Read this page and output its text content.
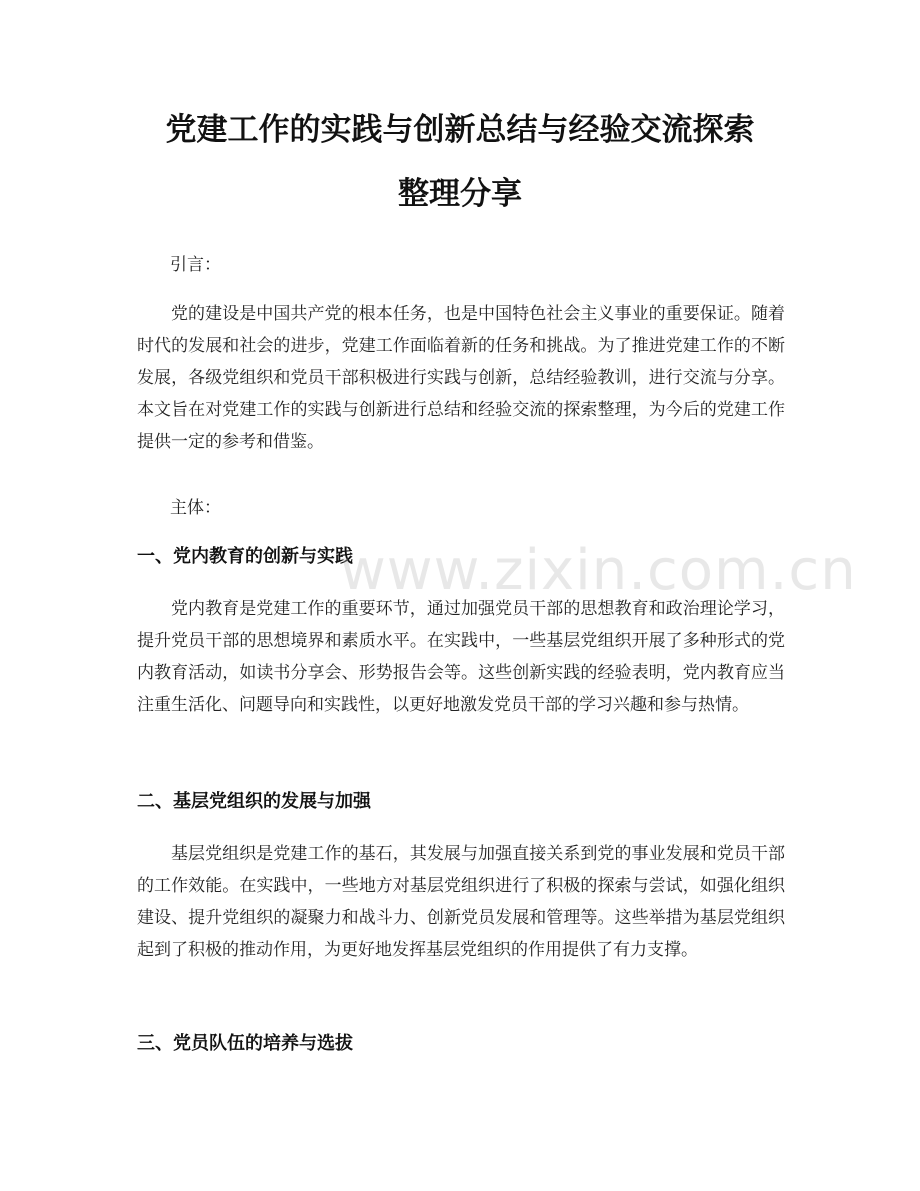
党建工作的实践与创新总结与经验交流探索
整理分享

引言：

党的建设是中国共产党的根本任务，也是中国特色社会主义事业的重要保证。随着时代的发展和社会的进步，党建工作面临着新的任务和挑战。为了推进党建工作的不断发展，各级党组织和党员干部积极进行实践与创新，总结经验教训，进行交流与分享。本文旨在对党建工作的实践与创新进行总结和经验交流的探索整理，为今后的党建工作提供一定的参考和借鉴。

主体：

一、党内教育的创新与实践

党内教育是党建工作的重要环节，通过加强党员干部的思想教育和政治理论学习，提升党员干部的思想境界和素质水平。在实践中，一些基层党组织开展了多种形式的党内教育活动，如读书分享会、形势报告会等。这些创新实践的经验表明，党内教育应当注重生活化、问题导向和实践性，以更好地激发党员干部的学习兴趣和参与热情。

二、基层党组织的发展与加强

基层党组织是党建工作的基石，其发展与加强直接关系到党的事业发展和党员干部的工作效能。在实践中，一些地方对基层党组织进行了积极的探索与尝试，如强化组织建设、提升党组织的凝聚力和战斗力、创新党员发展和管理等。这些举措为基层党组织起到了积极的推动作用，为更好地发挥基层党组织的作用提供了有力支撑。

三、党员队伍的培养与选拔
www.zixin.com.cn
